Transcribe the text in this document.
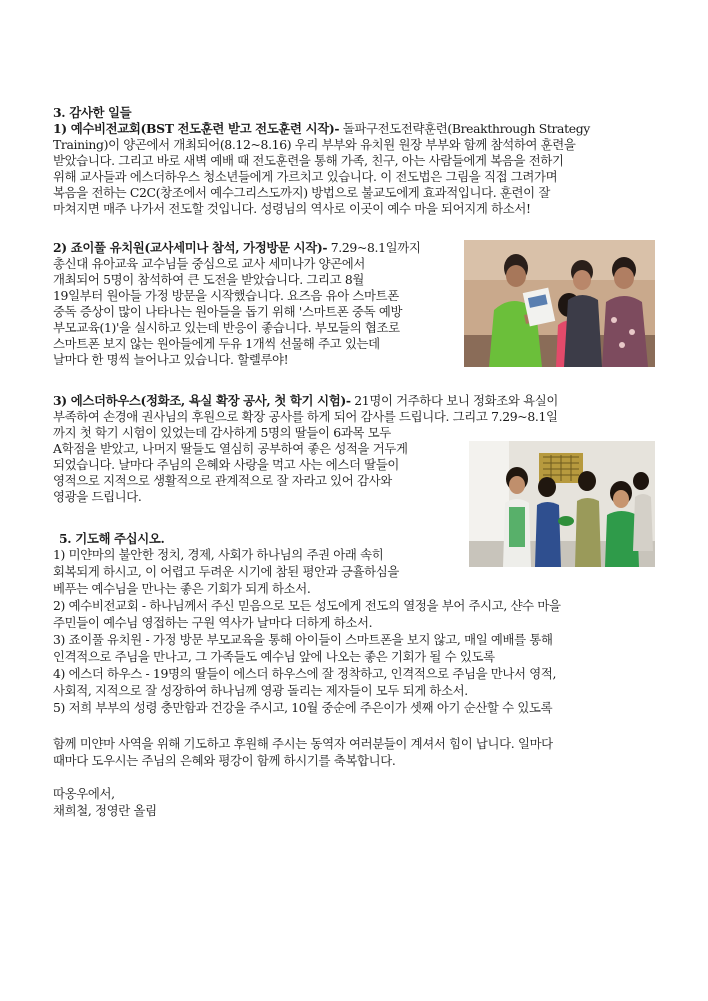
3. 감사한 일들
1) 예수비전교회(BST 전도훈련 받고 전도훈련 시작)- 돌파구전도전략훈련(Breakthrough Strategy
Training)이 양곤에서 개최되어(8.12~8.16) 우리 부부와 유치원 원장 부부와 함께 참석하여 훈련을
받았습니다. 그리고 바로 새벽 예배 때 전도훈련을 통해 가족, 친구, 아는 사람들에게 복음을 전하기
위해 교사들과 에스더하우스 청소년들에게 가르치고 있습니다. 이 전도법은 그림을 직접 그려가며
복음을 전하는 C2C(창조에서 예수그리스도까지) 방법으로 불교도에게 효과적입니다. 훈련이 잘
마쳐지면 매주 나가서 전도할 것입니다. 성령님의 역사로 이곳이 예수 마을 되어지게 하소서!
2) 죠이풀 유치원(교사세미나 참석, 가정방문 시작)- 7.29~8.1일까지
총신대 유아교육 교수님들 중심으로 교사 세미나가 양곤에서
개최되어 5명이 참석하여 큰 도전을 받았습니다. 그리고 8월
19일부터 원아들 가정 방문을 시작했습니다. 요즈음 유아 스마트폰
중독 증상이 많이 나타나는 원아들을 돕기 위해 '스마트폰 중독 예방
부모교육(1)'을 실시하고 있는데 반응이 좋습니다. 부모들의 협조로
스마트폰 보지 않는 원아들에게 두유 1개씩 선물해 주고 있는데
날마다 한 명씩 늘어나고 있습니다. 할렐루야!
3) 에스더하우스(정화조, 욕실 확장 공사, 첫 학기 시험)- 21명이 거주하다 보니 정화조와 욕실이
부족하여 손경애 권사님의 후원으로 확장 공사를 하게 되어 감사를 드립니다. 그리고 7.29~8.1일
까지 첫 학기 시험이 있었는데 감사하게 5명의 딸들이 6과목 모두
A학점을 받았고, 나머지 딸들도 열심히 공부하여 좋은 성적을 거두게
되었습니다. 날마다 주님의 은혜와 사랑을 먹고 사는 에스더 딸들이
영적으로 지적으로 생활적으로 관계적으로 잘 자라고 있어 감사와
영광을 드립니다.
5. 기도해 주십시오.
1) 미얀마의 불안한 정치, 경제, 사회가 하나님의 주권 아래 속히
회복되게 하시고, 이 어렵고 두려운 시기에 참된 평안과 긍휼하심을
베푸는 예수님을 만나는 좋은 기회가 되게 하소서.
2) 예수비전교회 - 하나님께서 주신 믿음으로 모든 성도에게 전도의 열정을 부어 주시고, 샨수 마을
주민들이 예수님 영접하는 구원 역사가 날마다 더하게 하소서.
3) 죠이풀 유치원 - 가정 방문 부모교육을 통해 아이들이 스마트폰을 보지 않고, 매일 예배를 통해
인격적으로 주님을 만나고, 그 가족들도 예수님 앞에 나오는 좋은 기회가 될 수 있도록
4) 에스더 하우스 - 19명의 딸들이 에스더 하우스에 잘 정착하고, 인격적으로 주님을 만나서 영적,
사회적, 지적으로 잘 성장하여 하나님께 영광 돌리는 제자들이 모두 되게 하소서.
5) 저희 부부의 성령 충만함과 건강을 주시고, 10월 중순에 주은이가 셋째 아기 순산할 수 있도록
함께 미얀마 사역을 위해 기도하고 후원해 주시는 동역자 여러분들이 계셔서 힘이 납니다. 일마다
때마다 도우시는 주님의 은혜와 평강이 함께 하시기를 축복합니다.
따옹우에서,
채희철, 정영란 올림
